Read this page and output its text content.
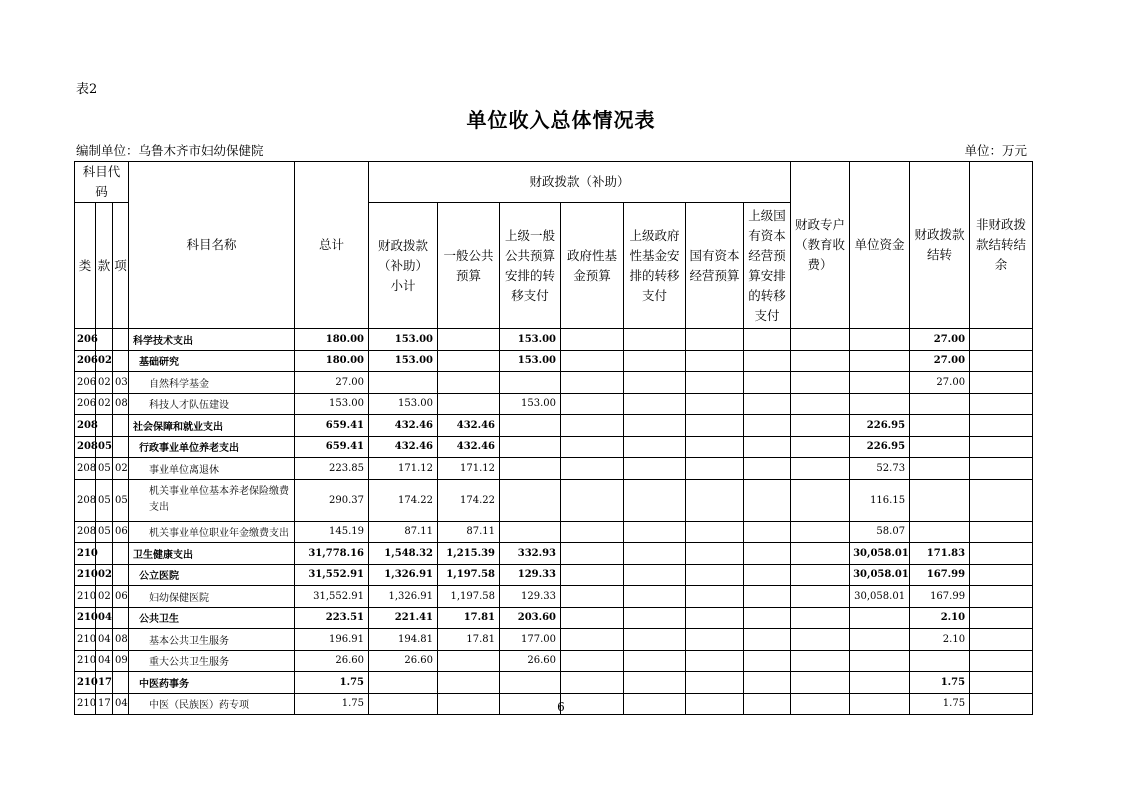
表2
单位收入总体情况表
编制单位：乌鲁木齐市妇幼保健院	单位：万元
科目代码			科目名称	总计	财政拨款（补助）							财政专户（教育收费）	单位资金	财政拨款结转	非财政拨款结转结余
类	款	项			财政拨款（补助）小计	一般公共预算	上级一般公共预算安排的转移支付	政府性基金预算	上级政府性基金安排的转移支付	国有资本经营预算	上级国有资本经营预算安排的转移支付				
206			科学技术支出	180.00	153.00		153.00							27.00	
206	02		基础研究	180.00	153.00		153.00							27.00	
206	02	03	自然科学基金	27.00										27.00	
206	02	08	科技人才队伍建设	153.00	153.00		153.00								
208			社会保障和就业支出	659.41	432.46	432.46							226.95		
208	05		行政事业单位养老支出	659.41	432.46	432.46							226.95		
208	05	02	事业单位离退休	223.85	171.12	171.12							52.73		
208	05	05	机关事业单位基本养老保险缴费支出	290.37	174.22	174.22							116.15		
208	05	06	机关事业单位职业年金缴费支出	145.19	87.11	87.11							58.07		
210			卫生健康支出	31,778.16	1,548.32	1,215.39	332.93						30,058.01	171.83	
210	02		公立医院	31,552.91	1,326.91	1,197.58	129.33						30,058.01	167.99	
210	02	06	妇幼保健医院	31,552.91	1,326.91	1,197.58	129.33						30,058.01	167.99	
210	04		公共卫生	223.51	221.41	17.81	203.60							2.10	
210	04	08	基本公共卫生服务	196.91	194.81	17.81	177.00							2.10	
210	04	09	重大公共卫生服务	26.60	26.60		26.60								
210	17		中医药事务	1.75										1.75	
210	17	04	中医（民族医）药专项	1.75										1.75	
6
